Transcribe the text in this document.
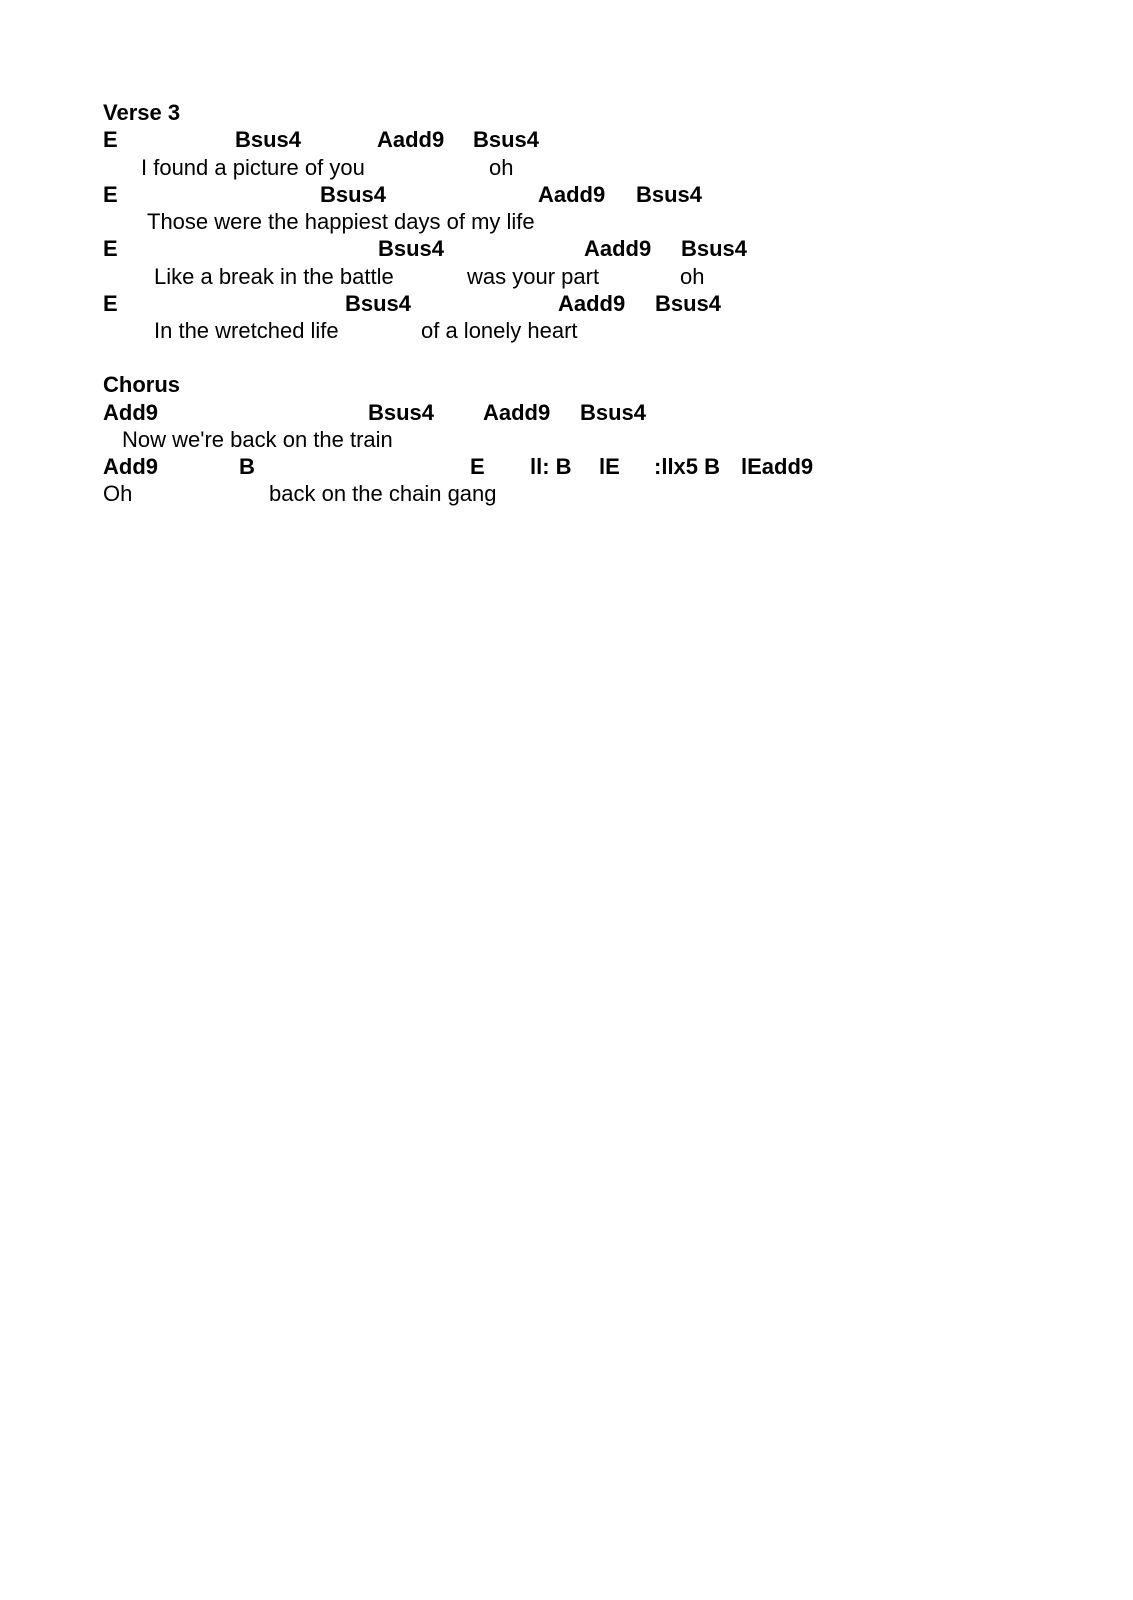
Verse 3
E	Bsus4	Aadd9 Bsus4
I found a picture of you	oh
E	Bsus4	Aadd9 Bsus4
Those were the happiest days of my life
E	Bsus4	Aadd9 Bsus4
Like a break in the battle	was your part	oh
E	Bsus4	Aadd9 Bsus4
In the wretched life	of a lonely heart
Chorus
Add9	Bsus4 Aadd9 Bsus4
Now we're back on the train
Add9	B	E ll: B lE :llx5 B lEadd9
Oh	back on the chain gang
